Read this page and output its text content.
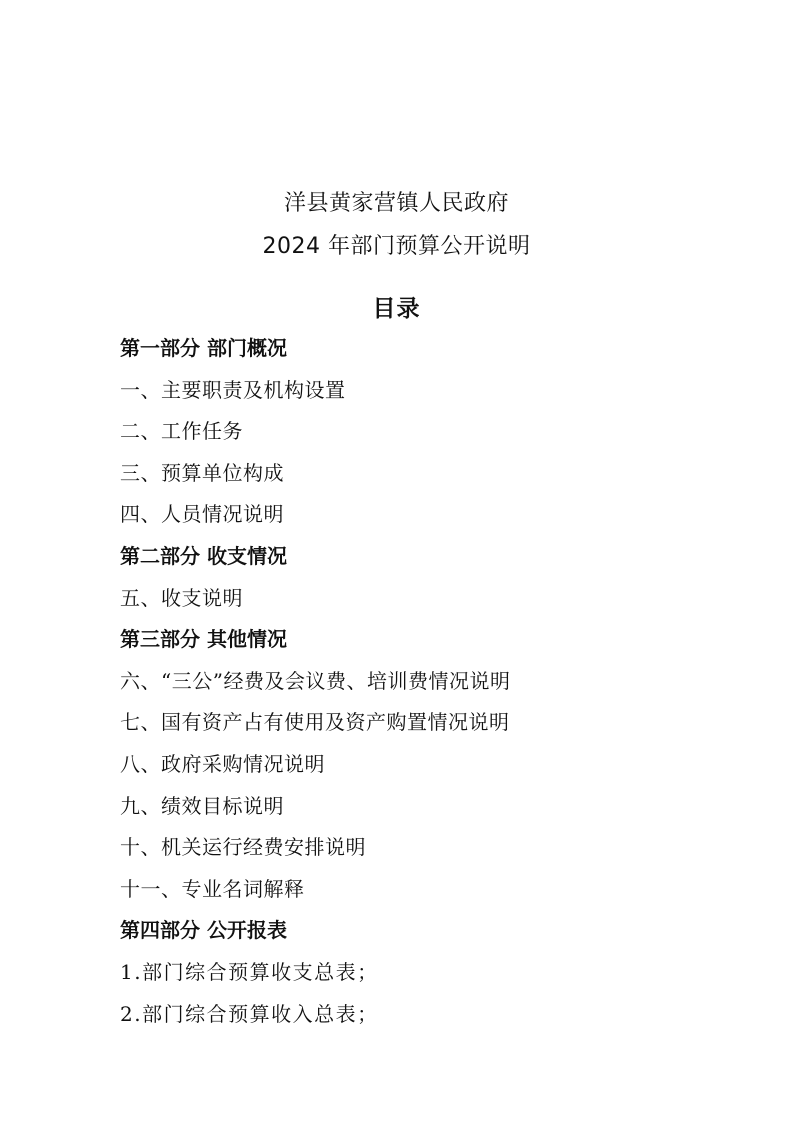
洋县黄家营镇人民政府
2024 年部门预算公开说明
目录
第一部分 部门概况
一、主要职责及机构设置
二、工作任务
三、预算单位构成
四、人员情况说明
第二部分 收支情况
五、收支说明
第三部分 其他情况
六、“三公”经费及会议费、培训费情况说明
七、国有资产占有使用及资产购置情况说明
八、政府采购情况说明
九、绩效目标说明
十、机关运行经费安排说明
十一、专业名词解释
第四部分 公开报表
1.部门综合预算收支总表；
2.部门综合预算收入总表；
